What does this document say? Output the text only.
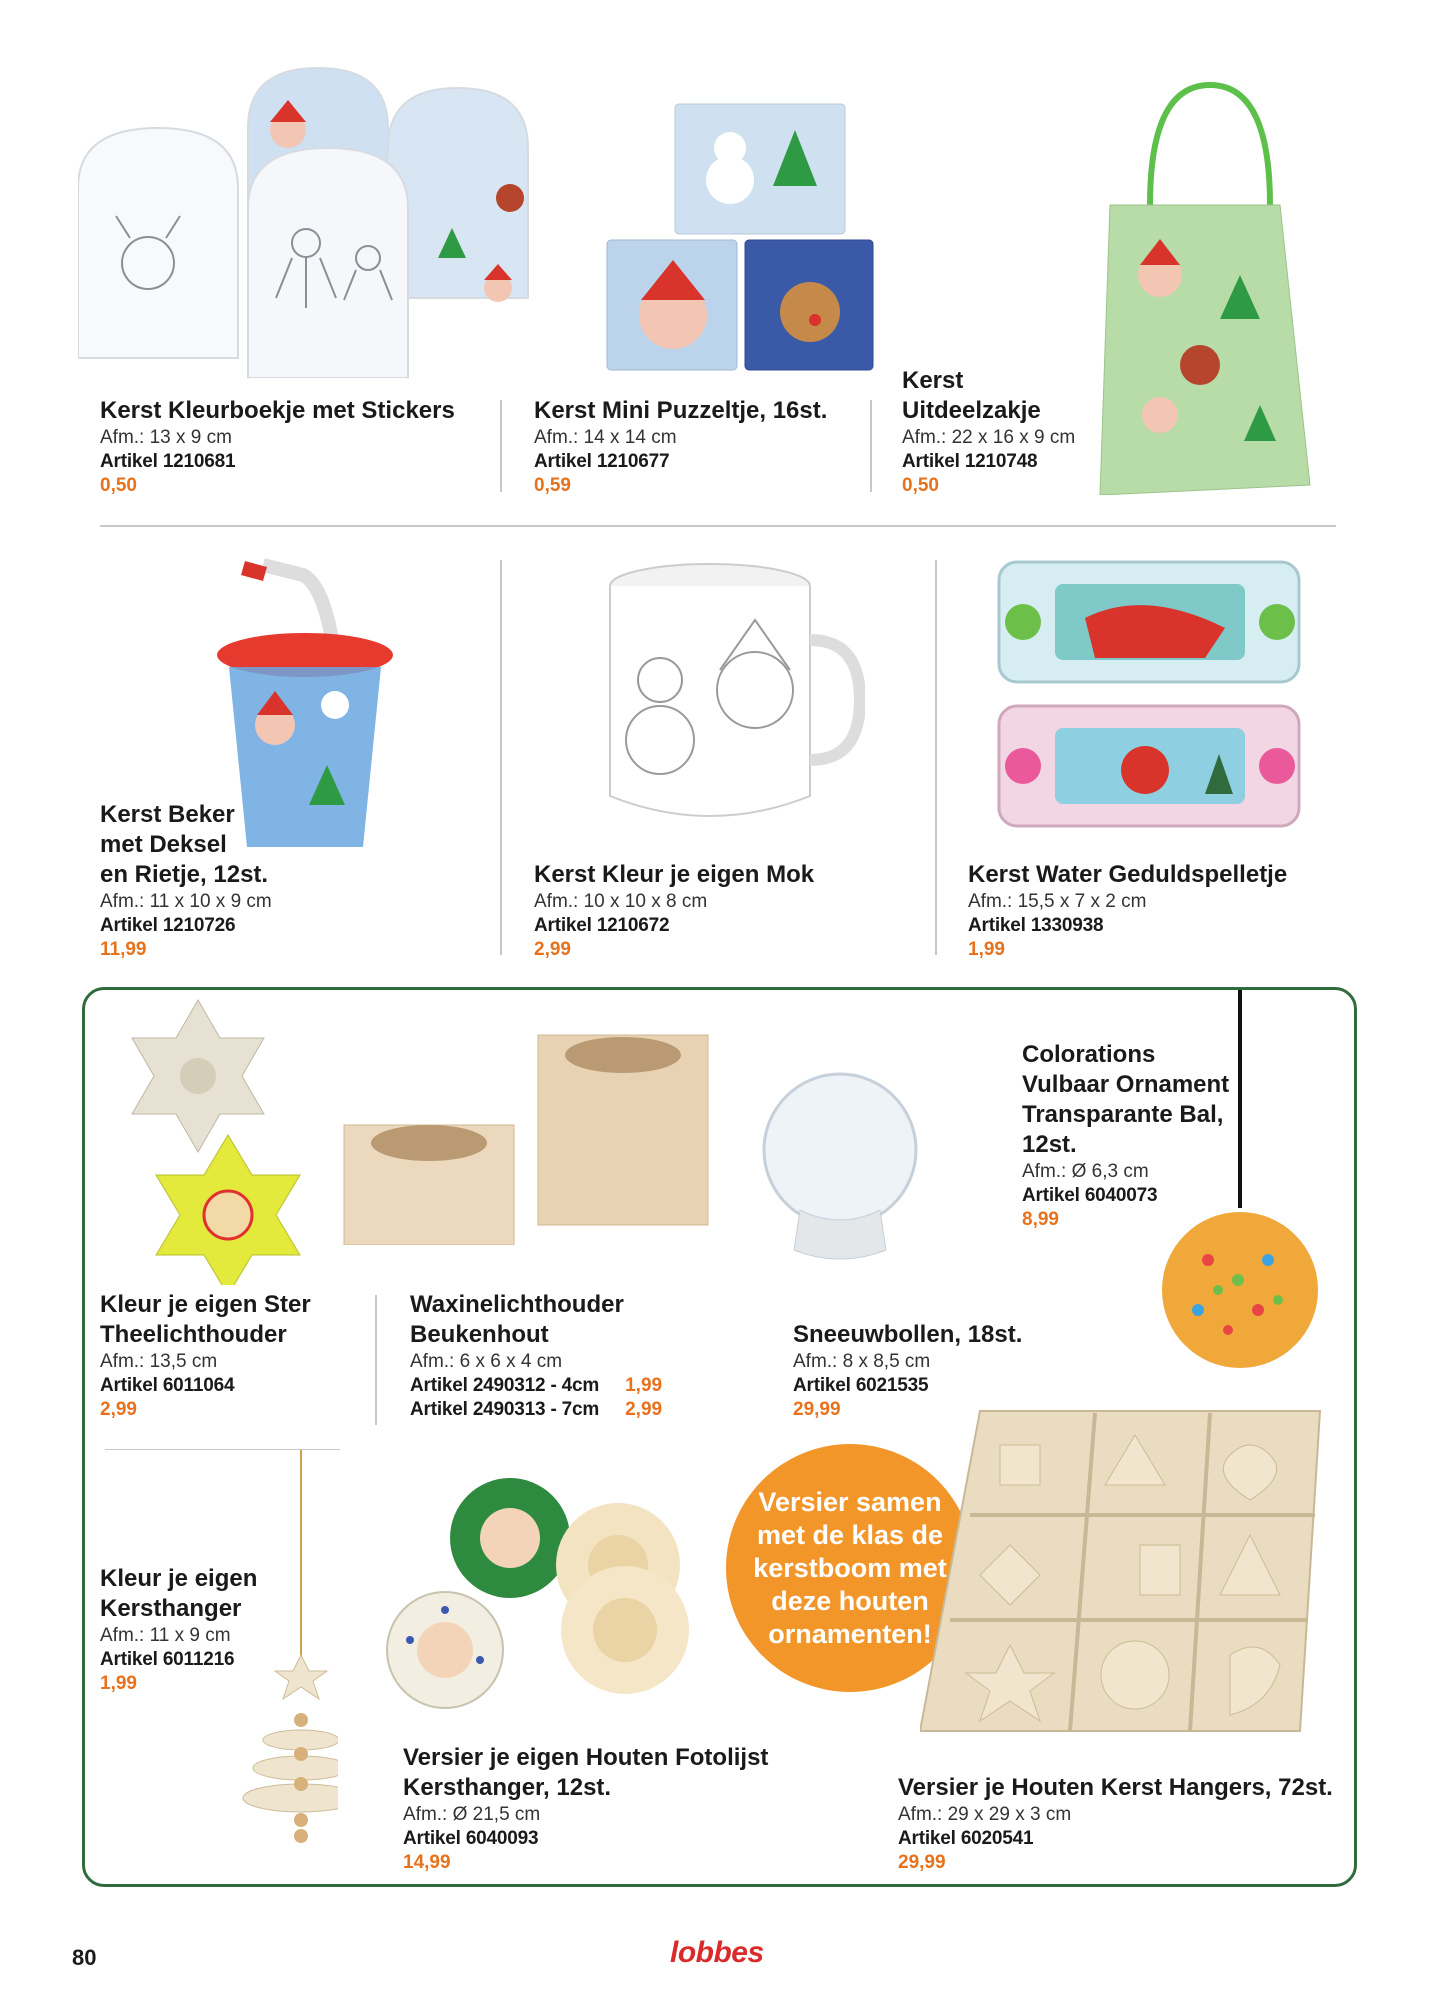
Kerst Kleurboekje met Stickers
Afm.: 13 x 9 cm
Artikel 1210681
0,50
Kerst Mini Puzzeltje, 16st.
Afm.: 14 x 14 cm
Artikel 1210677
0,59
Kerst
Uitdeelzakje
Afm.: 22 x 16 x 9 cm
Artikel 1210748
0,50
Kerst Beker
met Deksel
en Rietje, 12st.
Afm.: 11 x 10 x 9 cm
Artikel 1210726
11,99
Kerst Kleur je eigen Mok
Afm.: 10 x 10 x 8 cm
Artikel 1210672
2,99
Kerst Water Geduldspelletje
Afm.: 15,5 x 7 x 2 cm
Artikel 1330938
1,99
Colorations
Vulbaar Ornament
Transparante Bal,
12st.
Afm.: Ø 6,3 cm
Artikel 6040073
8,99
Kleur je eigen Ster
Theelichthouder
Afm.: 13,5 cm
Artikel 6011064
2,99
Waxinelichthouder
Beukenhout
Afm.: 6 x 6 x 4 cm
Artikel 2490312 - 4cm 1,99
Artikel 2490313 - 7cm 2,99
Sneeuwbollen, 18st.
Afm.: 8 x 8,5 cm
Artikel 6021535
29,99
Kleur je eigen
Kersthanger
Afm.: 11 x 9 cm
Artikel 6011216
1,99
Versier samen
met de klas de
kerstboom met
deze houten
ornamenten!
Versier je eigen Houten Fotolijst
Kersthanger, 12st.
Afm.: Ø 21,5 cm
Artikel 6040093
14,99
Versier je Houten Kerst Hangers, 72st.
Afm.: 29 x 29 x 3 cm
Artikel 6020541
29,99
80	lobbes
